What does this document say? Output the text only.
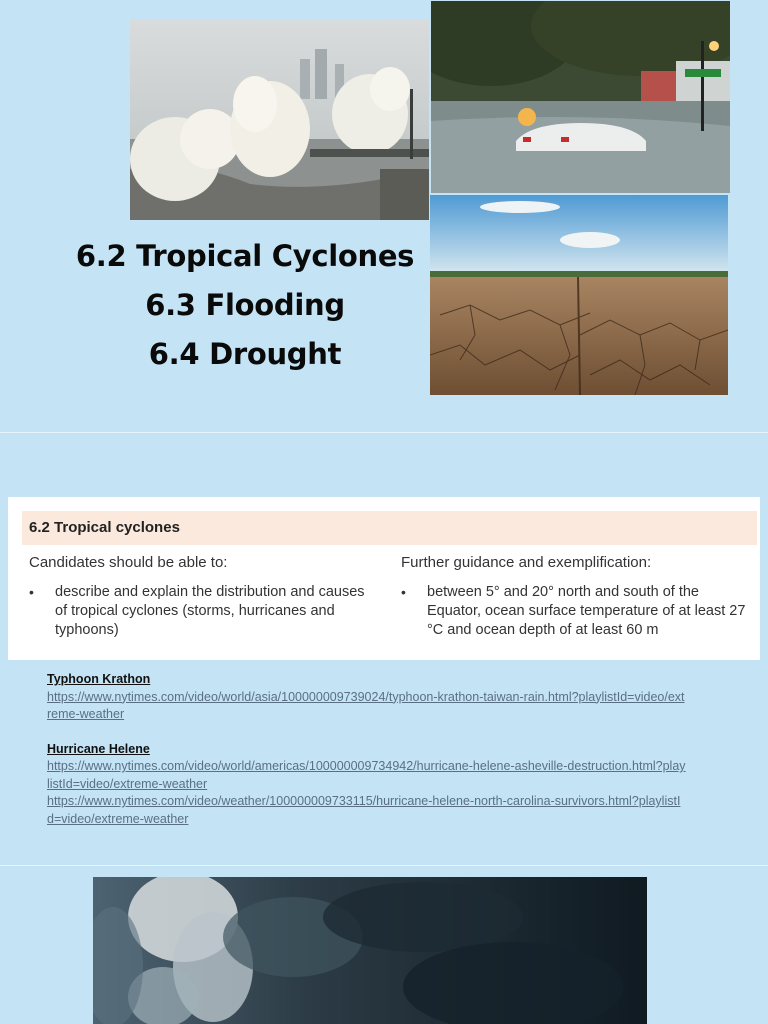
6.2 Tropical Cyclones
6.3 Flooding
6.4 Drought
6.2 Tropical cyclones
Candidates should be able to:	Further guidance and exemplification:
• describe and explain the distribution and causes of tropical cyclones (storms, hurricanes and typhoons)
• between 5° and 20° north and south of the Equator, ocean surface temperature of at least 27 °C and ocean depth of at least 60 m
Typhoon Krathon
https://www.nytimes.com/video/world/asia/100000009739024/typhoon-krathon-taiwan-rain.html?playlistId=video/extreme-weather
Hurricane Helene
https://www.nytimes.com/video/world/americas/100000009734942/hurricane-helene-asheville-destruction.html?playlistId=video/extreme-weather
https://www.nytimes.com/video/weather/100000009733115/hurricane-helene-north-carolina-survivors.html?playlistId=video/extreme-weather
